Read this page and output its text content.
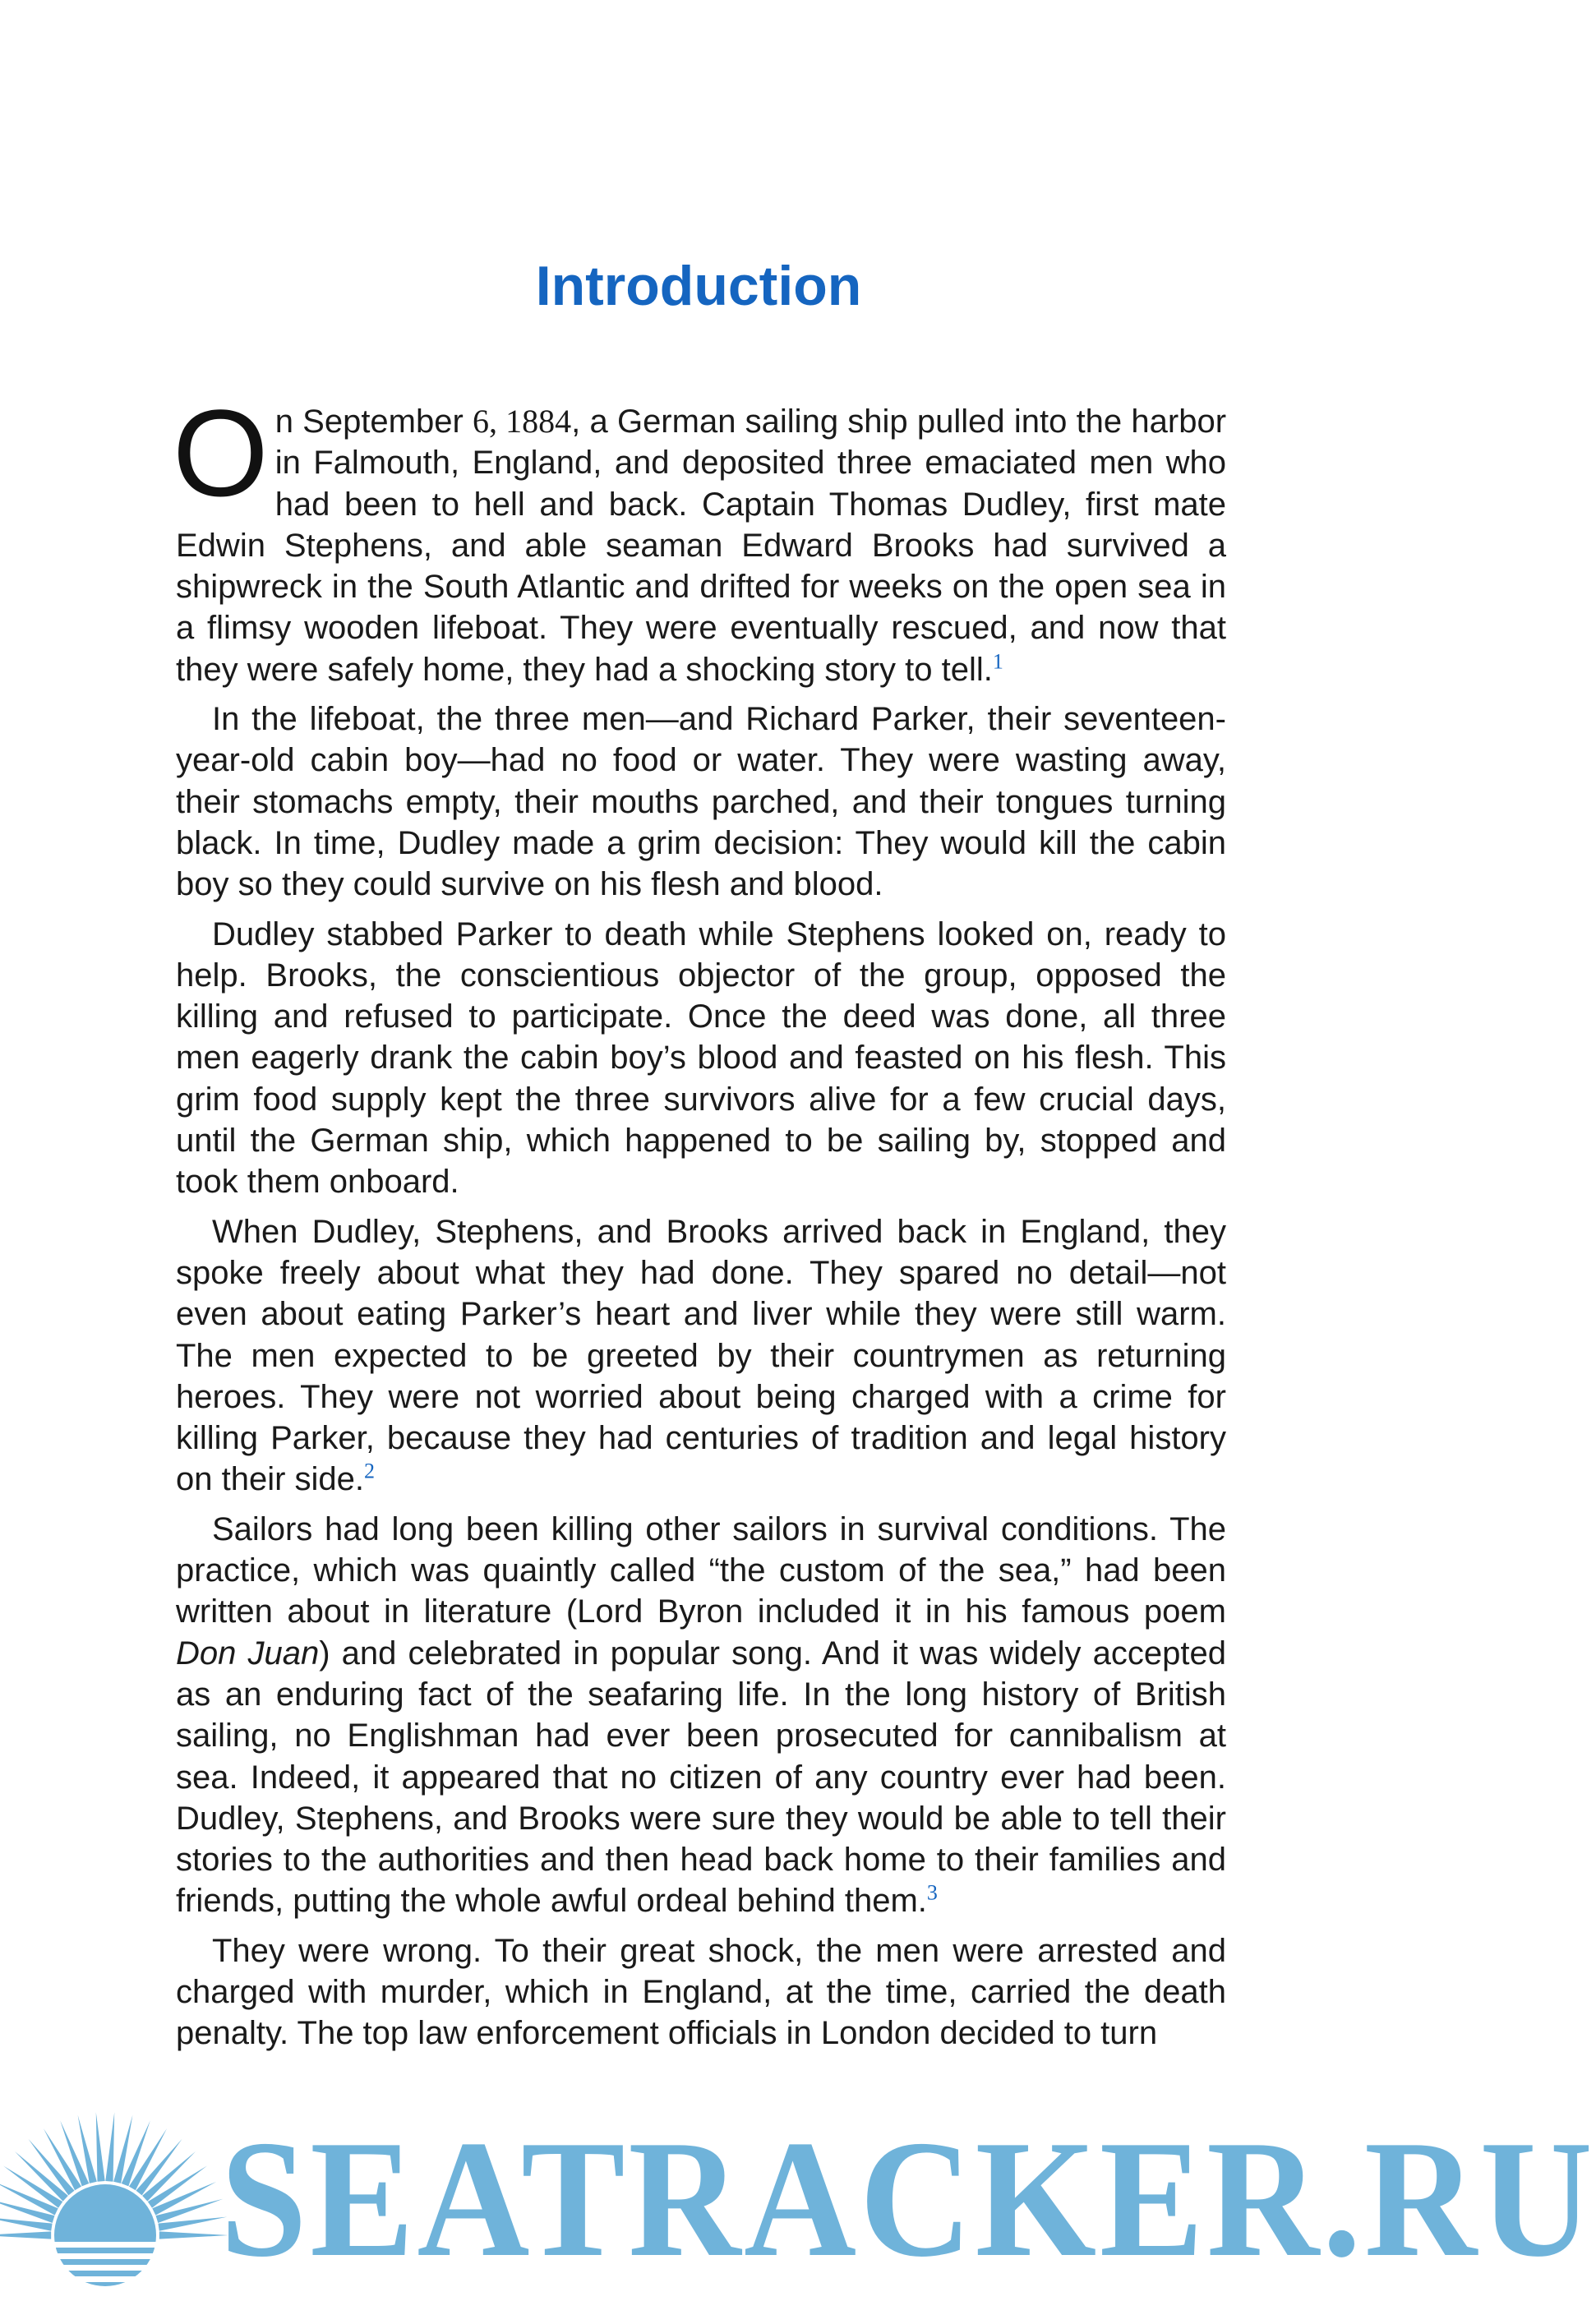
Introduction

On September 6, 1884, a German sailing ship pulled into the harbor in Falmouth, England, and deposited three emaciated men who had been to hell and back. Captain Thomas Dudley, first mate Edwin Stephens, and able seaman Edward Brooks had survived a shipwreck in the South Atlantic and drifted for weeks on the open sea in a flimsy wooden lifeboat. They were eventually rescued, and now that they were safely home, they had a shocking story to tell.$^1$

In the lifeboat, the three men—and Richard Parker, their seventeen-year-old cabin boy—had no food or water. They were wasting away, their stomachs empty, their mouths parched, and their tongues turning black. In time, Dudley made a grim decision: They would kill the cabin boy so they could survive on his flesh and blood.

Dudley stabbed Parker to death while Stephens looked on, ready to help. Brooks, the conscientious objector of the group, opposed the killing and refused to participate. Once the deed was done, all three men eagerly drank the cabin boy’s blood and feasted on his flesh. This grim food supply kept the three survivors alive for a few crucial days, until the German ship, which happened to be sailing by, stopped and took them onboard.

When Dudley, Stephens, and Brooks arrived back in England, they spoke freely about what they had done. They spared no detail—not even about eating Parker’s heart and liver while they were still warm. The men expected to be greeted by their countrymen as returning heroes. They were not worried about being charged with a crime for killing Parker, because they had centuries of tradition and legal history on their side.$^2$

Sailors had long been killing other sailors in survival conditions. The practice, which was quaintly called “the custom of the sea,” had been written about in literature (Lord Byron included it in his famous poem Don Juan) and celebrated in popular song. And it was widely accepted as an enduring fact of the seafaring life. In the long history of British sailing, no Englishman had ever been prosecuted for cannibalism at sea. Indeed, it appeared that no citizen of any country ever had been. Dudley, Stephens, and Brooks were sure they would be able to tell their stories to the authorities and then head back home to their families and friends, putting the whole awful ordeal behind them.$^3$

They were wrong. To their great shock, the men were arrested and charged with murder, which in England, at the time, carried the death penalty. The top law enforcement officials in London decided to turn

SEATRACKER.RU
